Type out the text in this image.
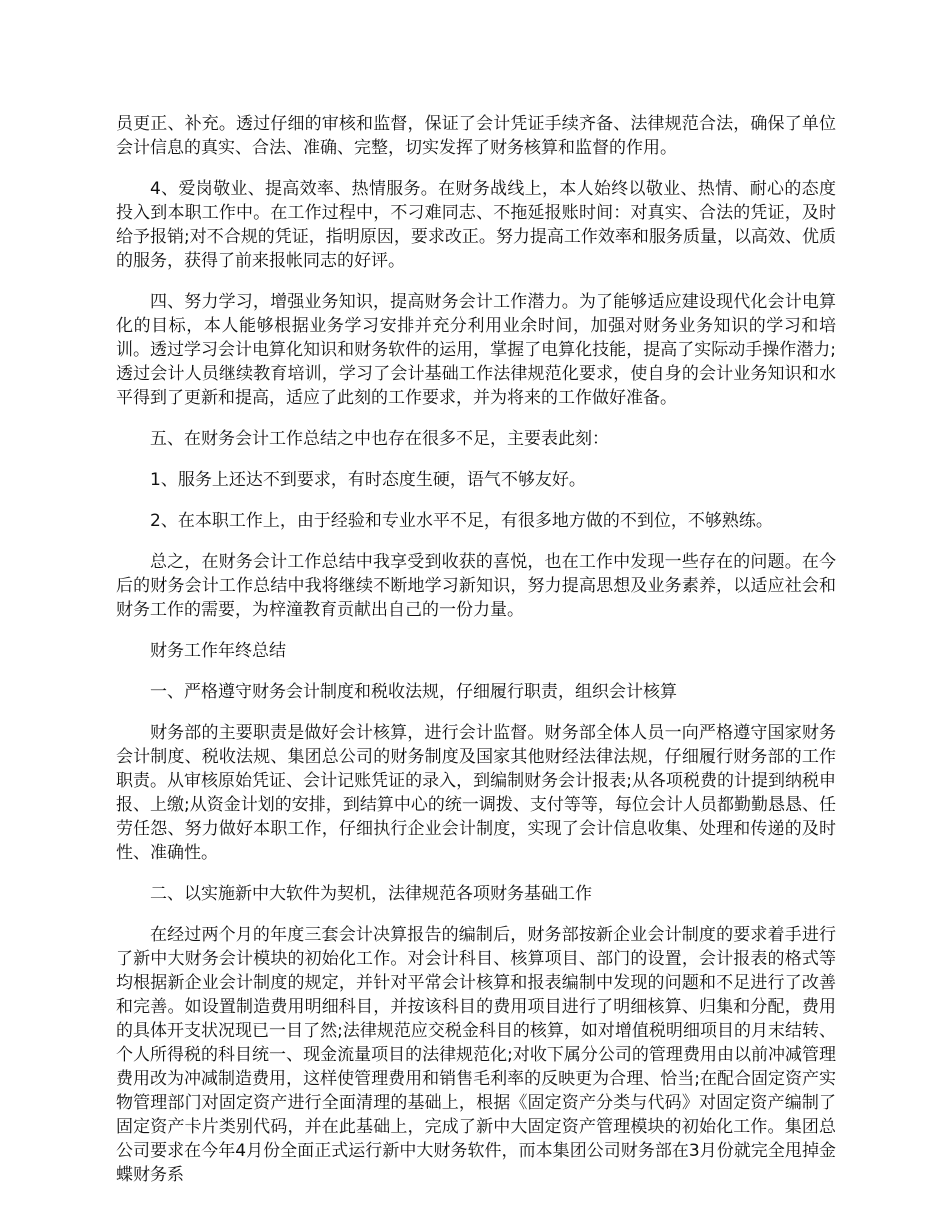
员更正、补充。透过仔细的审核和监督，保证了会计凭证手续齐备、法律规范合法，确保了单位会计信息的真实、合法、准确、完整，切实发挥了财务核算和监督的作用。

4、爱岗敬业、提高效率、热情服务。在财务战线上，本人始终以敬业、热情、耐心的态度投入到本职工作中。在工作过程中，不刁难同志、不拖延报账时间：对真实、合法的凭证，及时给予报销;对不合规的凭证，指明原因，要求改正。努力提高工作效率和服务质量，以高效、优质的服务，获得了前来报帐同志的好评。

四、努力学习，增强业务知识，提高财务会计工作潜力。为了能够适应建设现代化会计电算化的目标，本人能够根据业务学习安排并充分利用业余时间，加强对财务业务知识的学习和培训。透过学习会计电算化知识和财务软件的运用，掌握了电算化技能，提高了实际动手操作潜力;透过会计人员继续教育培训，学习了会计基础工作法律规范化要求，使自身的会计业务知识和水平得到了更新和提高，适应了此刻的工作要求，并为将来的工作做好准备。

五、在财务会计工作总结之中也存在很多不足，主要表此刻：

1、服务上还达不到要求，有时态度生硬，语气不够友好。

2、在本职工作上，由于经验和专业水平不足，有很多地方做的不到位，不够熟练。

总之，在财务会计工作总结中我享受到收获的喜悦，也在工作中发现一些存在的问题。在今后的财务会计工作总结中我将继续不断地学习新知识，努力提高思想及业务素养，以适应社会和财务工作的需要，为梓潼教育贡献出自己的一份力量。

财务工作年终总结

一、严格遵守财务会计制度和税收法规，仔细履行职责，组织会计核算

财务部的主要职责是做好会计核算，进行会计监督。财务部全体人员一向严格遵守国家财务会计制度、税收法规、集团总公司的财务制度及国家其他财经法律法规，仔细履行财务部的工作职责。从审核原始凭证、会计记账凭证的录入，到编制财务会计报表;从各项税费的计提到纳税申报、上缴;从资金计划的安排，到结算中心的统一调拨、支付等等，每位会计人员都勤勤恳恳、任劳任怨、努力做好本职工作，仔细执行企业会计制度，实现了会计信息收集、处理和传递的及时性、准确性。

二、以实施新中大软件为契机，法律规范各项财务基础工作

在经过两个月的年度三套会计决算报告的编制后，财务部按新企业会计制度的要求着手进行了新中大财务会计模块的初始化工作。对会计科目、核算项目、部门的设置，会计报表的格式等均根据新企业会计制度的规定，并针对平常会计核算和报表编制中发现的问题和不足进行了改善和完善。如设置制造费用明细科目，并按该科目的费用项目进行了明细核算、归集和分配，费用的具体开支状况现已一目了然;法律规范应交税金科目的核算，如对增值税明细项目的月末结转、个人所得税的科目统一、现金流量项目的法律规范化;对收下属分公司的管理费用由以前冲减管理费用改为冲减制造费用，这样使管理费用和销售毛利率的反映更为合理、恰当;在配合固定资产实物管理部门对固定资产进行全面清理的基础上，根据《固定资产分类与代码》对固定资产编制了固定资产卡片类别代码，并在此基础上，完成了新中大固定资产管理模块的初始化工作。集团总公司要求在今年4月份全面正式运行新中大财务软件，而本集团公司财务部在3月份就完全甩掉金蝶财务系
